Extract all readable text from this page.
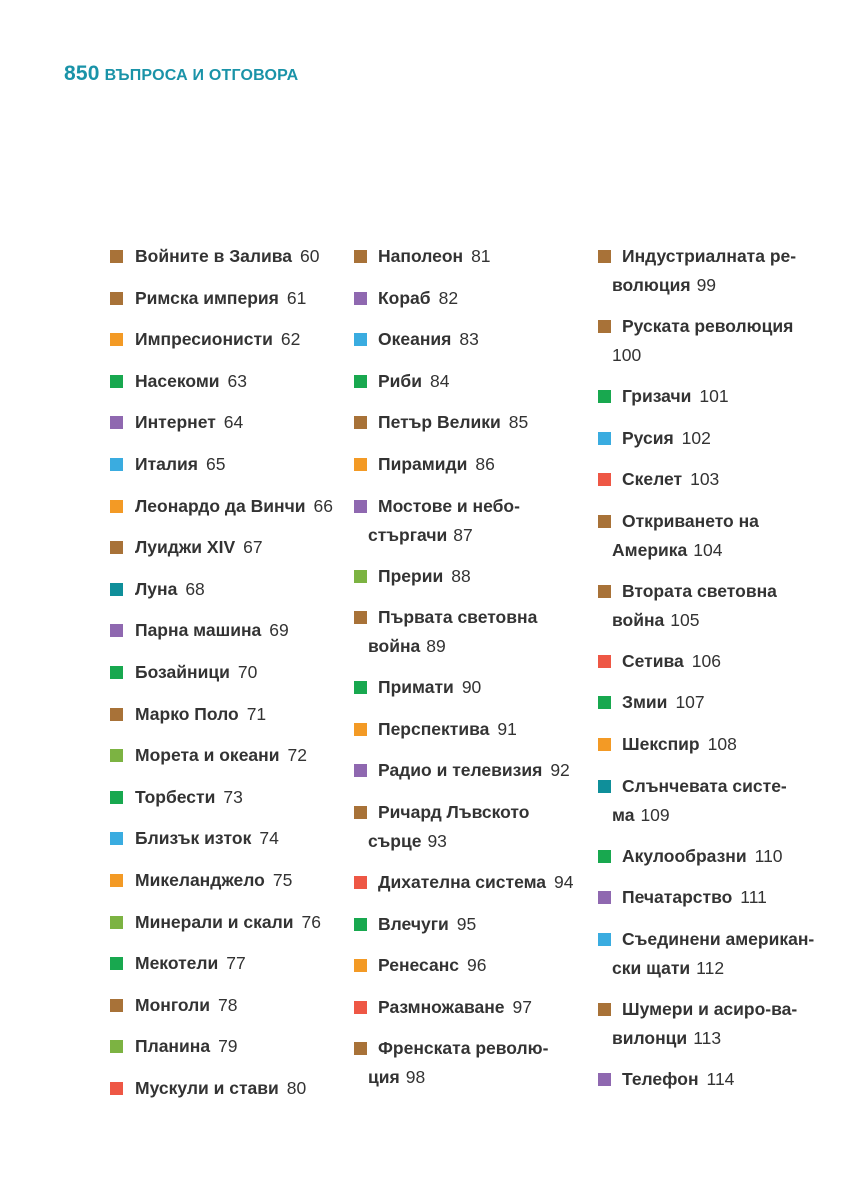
850 ВЪПРОСА И ОТГОВОРА
Войните в Залива 60
Римска империя 61
Импресионисти 62
Насекоми 63
Интернет 64
Италия 65
Леонардо да Винчи 66
Луиджи XIV 67
Луна 68
Парна машина 69
Бозайници 70
Марко Поло 71
Морета и океани 72
Торбести 73
Близък изток 74
Микеланджело 75
Минерали и скали 76
Мекотели 77
Монголи 78
Планина 79
Мускули и стави 80
Наполеон 81
Кораб 82
Океания 83
Риби 84
Петър Велики 85
Пирамиди 86
Мостове и небо-
стъргачи 87
Прерии 88
Първата световна
война 89
Примати 90
Перспектива 91
Радио и телевизия 92
Ричард Лъвското
сърце 93
Дихателна система 94
Влечуги 95
Ренесанс 96
Размножаване 97
Френската револю-
ция 98
Индустриалната ре-
волюция 99
Руската революция
100
Гризачи 101
Русия 102
Скелет 103
Откриването на
Америка 104
Втората световна
война 105
Сетива 106
Змии 107
Шекспир 108
Слънчевата систе-
ма 109
Акулообразни 110
Печатарство 111
Съединени американ-
ски щати 112
Шумери и асиро-ва-
вилонци 113
Телефон 114
